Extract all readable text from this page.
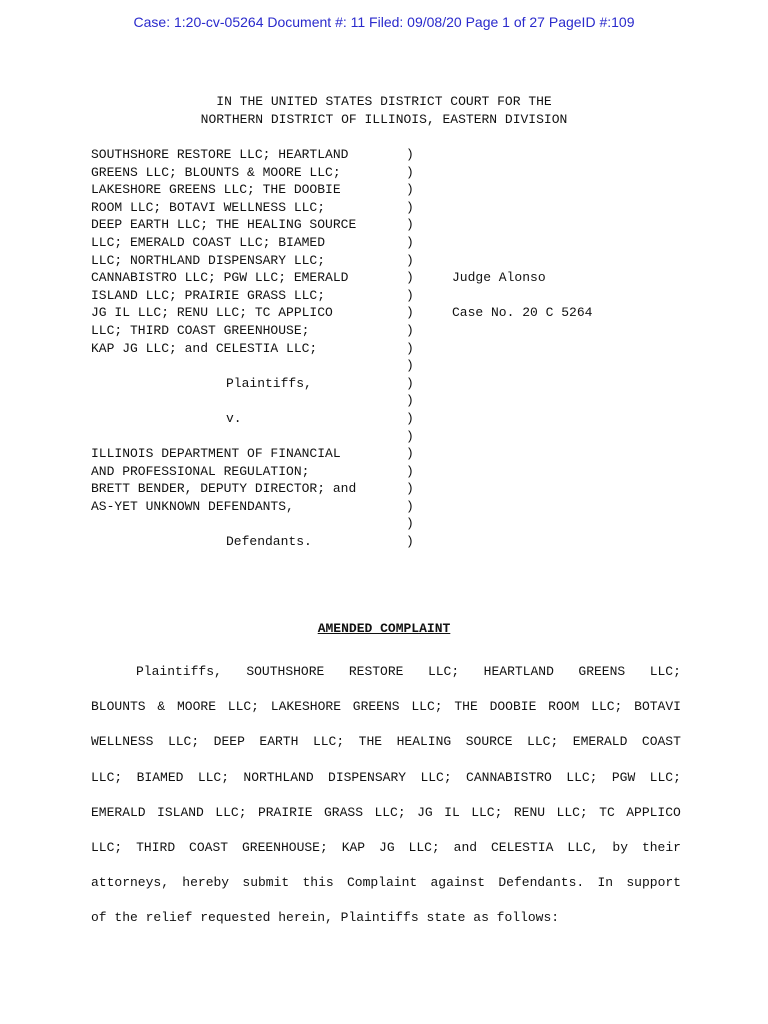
Case: 1:20-cv-05264 Document #: 11 Filed: 09/08/20 Page 1 of 27 PageID #:109
IN THE UNITED STATES DISTRICT COURT FOR THE
NORTHERN DISTRICT OF ILLINOIS, EASTERN DIVISION
SOUTHSHORE RESTORE LLC; HEARTLAND	)
GREENS LLC; BLOUNTS & MOORE LLC;	)
LAKESHORE GREENS LLC; THE DOOBIE	)
ROOM LLC; BOTAVI WELLNESS LLC;	)
DEEP EARTH LLC; THE HEALING SOURCE	)
LLC; EMERALD COAST LLC; BIAMED	)
LLC; NORTHLAND DISPENSARY LLC;	)
CANNABISTRO LLC; PGW LLC; EMERALD	)	Judge Alonso
ISLAND LLC; PRAIRIE GRASS LLC;	)
JG IL LLC; RENU LLC; TC APPLICO	)	Case No. 20 C 5264
LLC; THIRD COAST GREENHOUSE;	)
KAP JG LLC; and CELESTIA LLC;	)
)
Plaintiffs,	)
)
v.	)
)
ILLINOIS DEPARTMENT OF FINANCIAL	)
AND PROFESSIONAL REGULATION;	)
BRETT BENDER, DEPUTY DIRECTOR; and	)
AS-YET UNKNOWN DEFENDANTS,	)
)
Defendants.	)
AMENDED COMPLAINT
Plaintiffs, SOUTHSHORE RESTORE LLC; HEARTLAND GREENS LLC;
BLOUNTS & MOORE LLC; LAKESHORE GREENS LLC; THE DOOBIE ROOM LLC; BOTAVI
WELLNESS LLC; DEEP EARTH LLC; THE HEALING SOURCE LLC; EMERALD COAST
LLC; BIAMED LLC; NORTHLAND DISPENSARY LLC; CANNABISTRO LLC; PGW LLC;
EMERALD ISLAND LLC; PRAIRIE GRASS LLC; JG IL LLC; RENU LLC; TC APPLICO
LLC; THIRD COAST GREENHOUSE; KAP JG LLC; and CELESTIA LLC, by their
attorneys, hereby submit this Complaint against Defendants. In support
of the relief requested herein, Plaintiffs state as follows:
